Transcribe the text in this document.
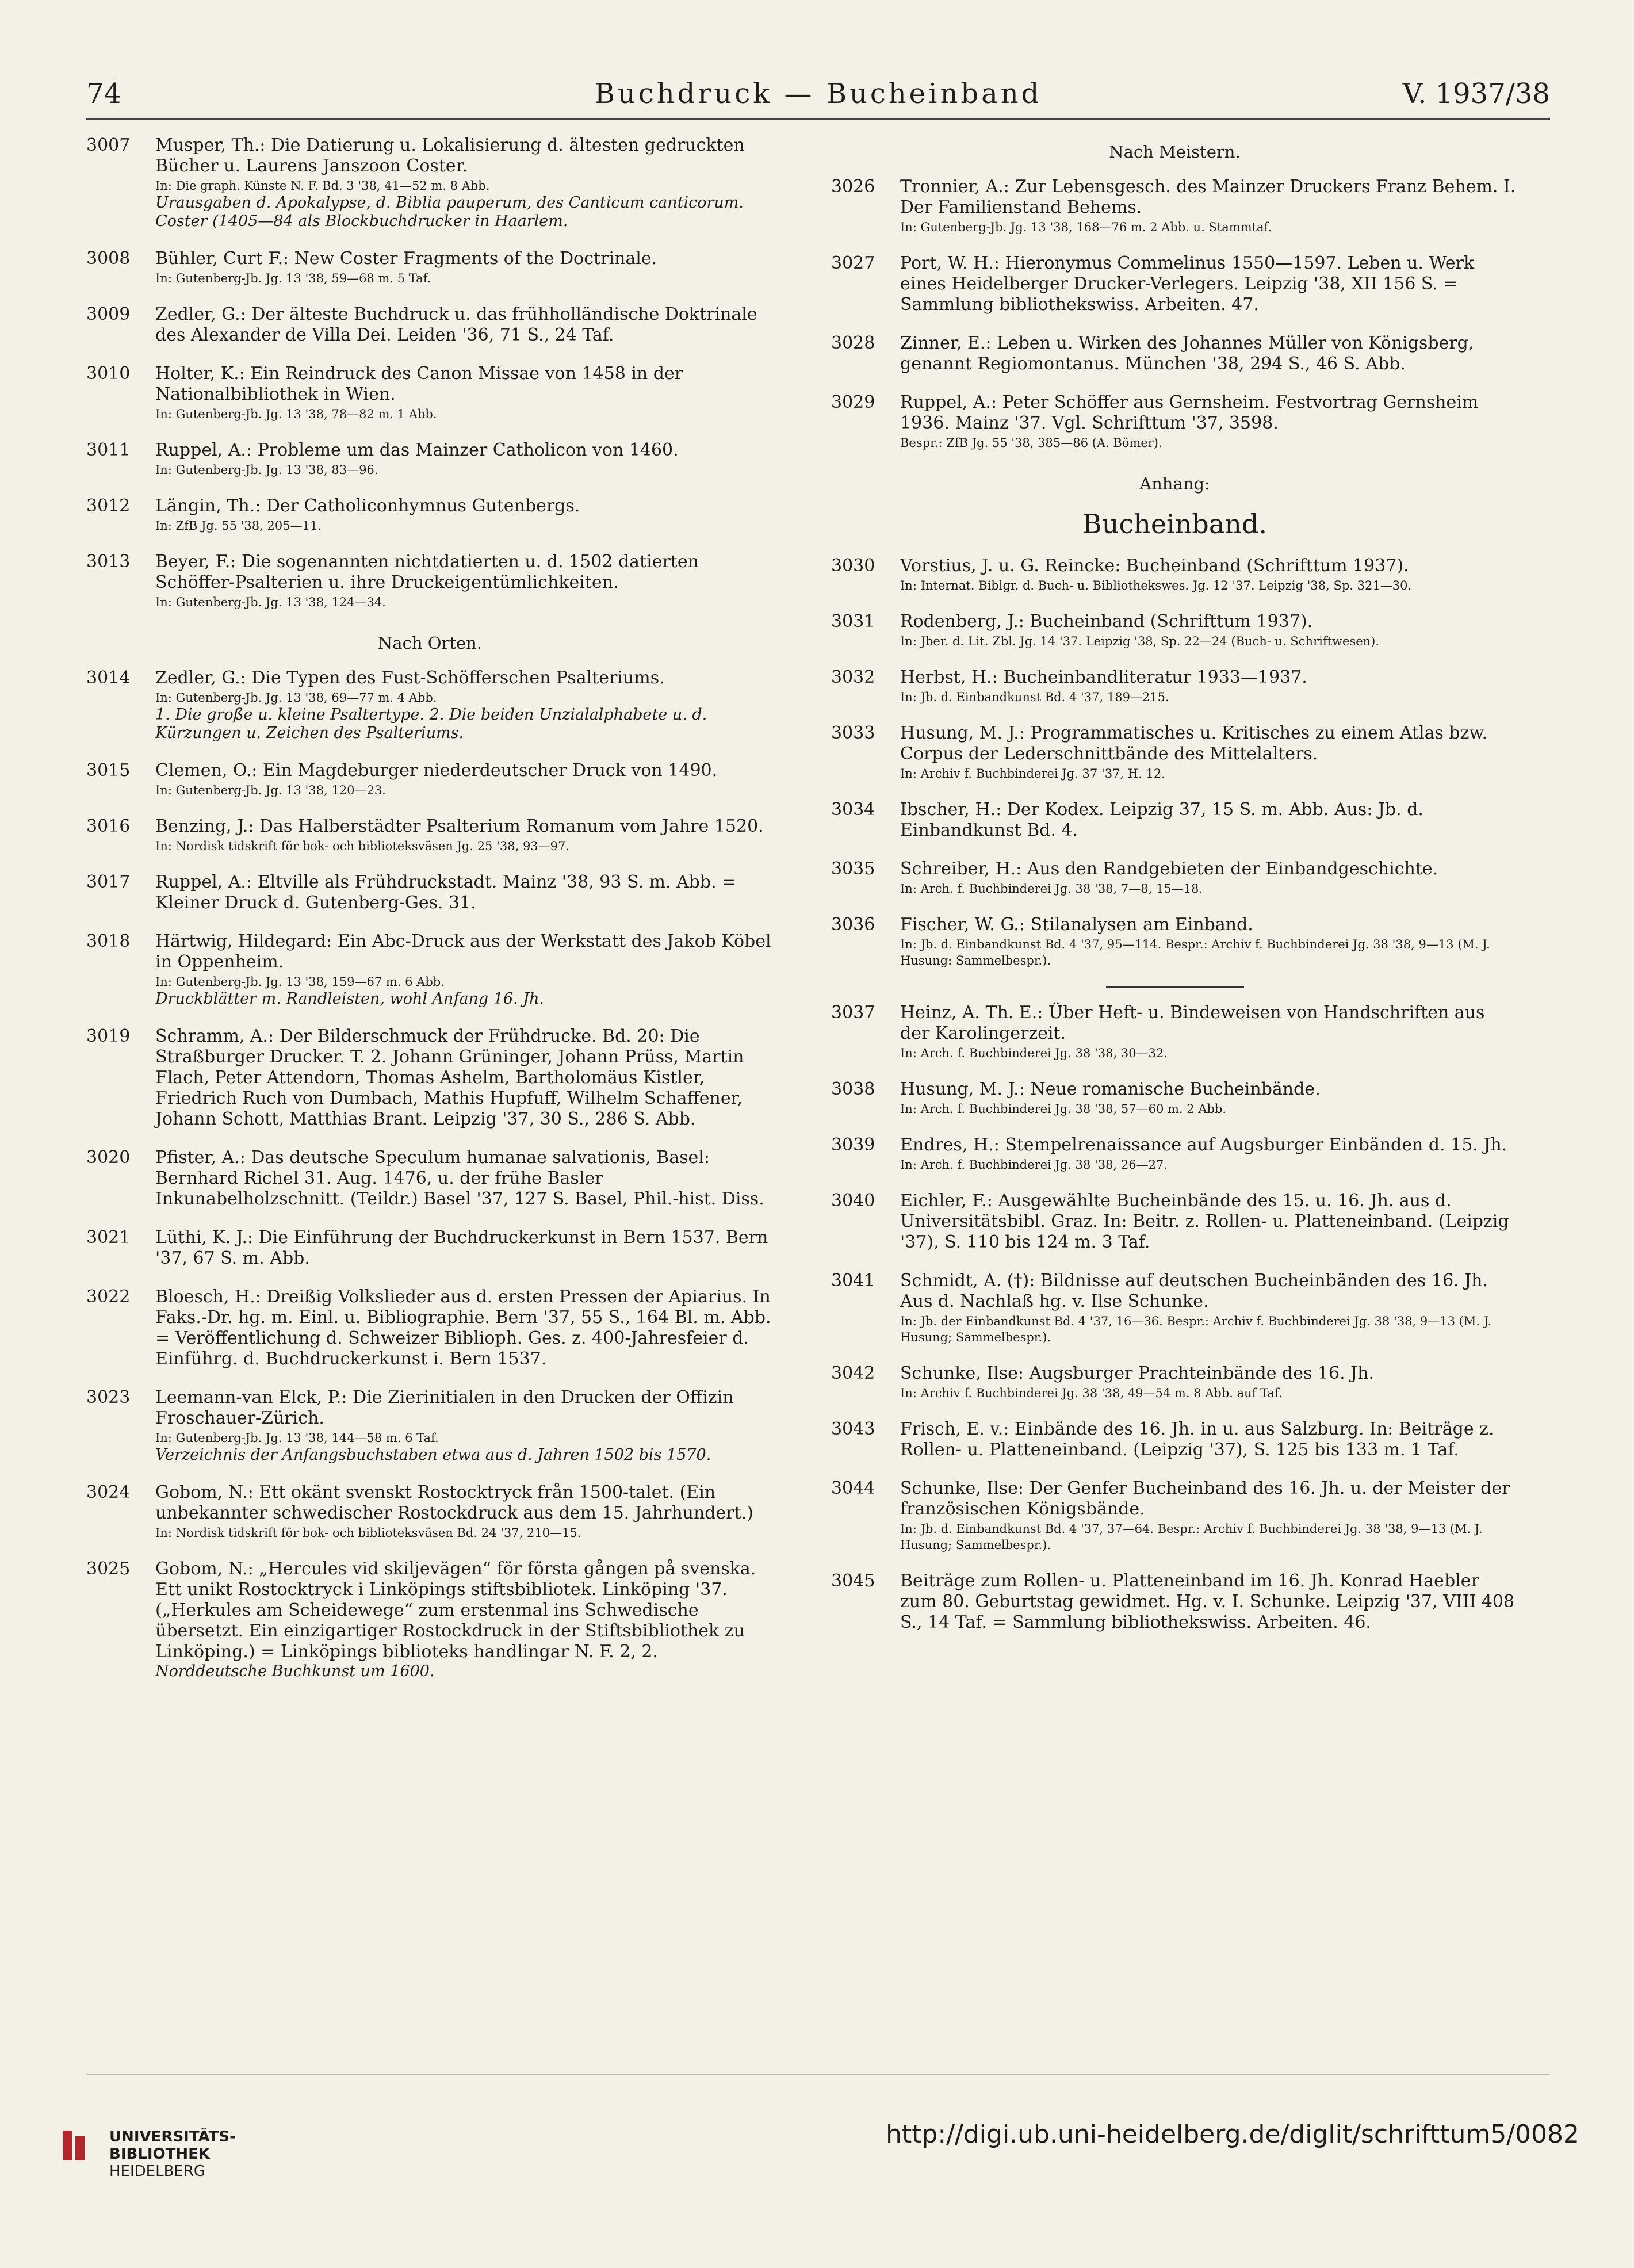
74	Buchdruck — Bucheinband	V. 1937/38
3007 Musper, Th.: Die Datierung u. Lokalisierung d. ältesten gedruckten Bücher u. Laurens Janszoon Coster.
In: Die graph. Künste N. F. Bd. 3 '38, 41—52 m. 8 Abb.
Urausgaben d. Apokalypse, d. Biblia pauperum, des Canticum canticorum. Coster (1405—84 als Blockbuchdrucker in Haarlem.
3008 Bühler, Curt F.: New Coster Fragments of the Doctrinale.
In: Gutenberg-Jb. Jg. 13 '38, 59—68 m. 5 Taf.
3009 Zedler, G.: Der älteste Buchdruck u. das frühholländische Doktrinale des Alexander de Villa Dei. Leiden '36, 71 S., 24 Taf.
3010 Holter, K.: Ein Reindruck des Canon Missae von 1458 in der Nationalbibliothek in Wien.
In: Gutenberg-Jb. Jg. 13 '38, 78—82 m. 1 Abb.
3011 Ruppel, A.: Probleme um das Mainzer Catholicon von 1460.
In: Gutenberg-Jb. Jg. 13 '38, 83—96.
3012 Längin, Th.: Der Catholiconhymnus Gutenbergs.
In: ZfB Jg. 55 '38, 205—11.
3013 Beyer, F.: Die sogenannten nichtdatierten u. d. 1502 datierten Schöffer-Psalterien u. ihre Druckeigentümlichkeiten.
In: Gutenberg-Jb. Jg. 13 '38, 124—34.
Nach Orten.
3014 Zedler, G.: Die Typen des Fust-Schöfferschen Psalteriums.
In: Gutenberg-Jb. Jg. 13 '38, 69—77 m. 4 Abb.
1. Die große u. kleine Psaltertype. 2. Die beiden Unzialalphabete u. d. Kürzungen u. Zeichen des Psalteriums.
3015 Clemen, O.: Ein Magdeburger niederdeutscher Druck von 1490.
In: Gutenberg-Jb. Jg. 13 '38, 120—23.
3016 Benzing, J.: Das Halberstädter Psalterium Romanum vom Jahre 1520.
In: Nordisk tidskrift för bok- och biblioteksväsen Jg. 25 '38, 93—97.
3017 Ruppel, A.: Eltville als Frühdruckstadt. Mainz '38, 93 S. m. Abb. = Kleiner Druck d. Gutenberg-Ges. 31.
3018 Härtwig, Hildegard: Ein Abc-Druck aus der Werkstatt des Jakob Köbel in Oppenheim.
In: Gutenberg-Jb. Jg. 13 '38, 159—67 m. 6 Abb.
Druckblätter m. Randleisten, wohl Anfang 16. Jh.
3019 Schramm, A.: Der Bilderschmuck der Frühdrucke. Bd. 20: Die Straßburger Drucker. T. 2. Johann Grüninger, Johann Prüss, Martin Flach, Peter Attendorn, Thomas Ashelm, Bartholomäus Kistler, Friedrich Ruch von Dumbach, Mathis Hupfuff, Wilhelm Schaffener, Johann Schott, Matthias Brant. Leipzig '37, 30 S., 286 S. Abb.
3020 Pfister, A.: Das deutsche Speculum humanae salvationis, Basel: Bernhard Richel 31. Aug. 1476, u. der frühe Basler Inkunabelholzschnitt. (Teildr.) Basel '37, 127 S. Basel, Phil.-hist. Diss.
3021 Lüthi, K. J.: Die Einführung der Buchdruckerkunst in Bern 1537. Bern '37, 67 S. m. Abb.
3022 Bloesch, H.: Dreißig Volkslieder aus d. ersten Pressen der Apiarius. In Faks.-Dr. hg. m. Einl. u. Bibliographie. Bern '37, 55 S., 164 Bl. m. Abb. = Veröffentlichung d. Schweizer Biblioph. Ges. z. 400-Jahresfeier d. Einführg. d. Buchdruckerkunst i. Bern 1537.
3023 Leemann-van Elck, P.: Die Zierinitialen in den Drucken der Offizin Froschauer-Zürich.
In: Gutenberg-Jb. Jg. 13 '38, 144—58 m. 6 Taf.
Verzeichnis der Anfangsbuchstaben etwa aus d. Jahren 1502 bis 1570.
3024 Gobom, N.: Ett okänt svenskt Rostocktryck från 1500-talet. (Ein unbekannter schwedischer Rostockdruck aus dem 15. Jahrhundert.)
In: Nordisk tidskrift för bok- och biblioteksväsen Bd. 24 '37, 210—15.
3025 Gobom, N.: „Hercules vid skiljevägen“ för första gången på svenska. Ett unikt Rostocktryck i Linköpings stiftsbibliotek. Linköping '37. („Herkules am Scheidewege“ zum erstenmal ins Schwedische übersetzt. Ein einzigartiger Rostockdruck in der Stiftsbibliothek zu Linköping.) = Linköpings biblioteks handlingar N. F. 2, 2.
Norddeutsche Buchkunst um 1600.
Nach Meistern.
3026 Tronnier, A.: Zur Lebensgesch. des Mainzer Druckers Franz Behem. I. Der Familienstand Behems.
In: Gutenberg-Jb. Jg. 13 '38, 168—76 m. 2 Abb. u. Stammtaf.
3027 Port, W. H.: Hieronymus Commelinus 1550—1597. Leben u. Werk eines Heidelberger Drucker-Verlegers. Leipzig '38, XII 156 S. = Sammlung bibliothekswiss. Arbeiten. 47.
3028 Zinner, E.: Leben u. Wirken des Johannes Müller von Königsberg, genannt Regiomontanus. München '38, 294 S., 46 S. Abb.
3029 Ruppel, A.: Peter Schöffer aus Gernsheim. Festvortrag Gernsheim 1936. Mainz '37. Vgl. Schrifttum '37, 3598.
Bespr.: ZfB Jg. 55 '38, 385—86 (A. Bömer).
Anhang:
Bucheinband.
3030 Vorstius, J. u. G. Reincke: Bucheinband (Schrifttum 1937).
In: Internat. Biblgr. d. Buch- u. Bibliothekswes. Jg. 12 '37. Leipzig '38, Sp. 321—30.
3031 Rodenberg, J.: Bucheinband (Schrifttum 1937).
In: Jber. d. Lit. Zbl. Jg. 14 '37. Leipzig '38, Sp. 22—24 (Buch- u. Schriftwesen).
3032 Herbst, H.: Bucheinbandliteratur 1933—1937.
In: Jb. d. Einbandkunst Bd. 4 '37, 189—215.
3033 Husung, M. J.: Programmatisches u. Kritisches zu einem Atlas bzw. Corpus der Lederschnittbände des Mittelalters.
In: Archiv f. Buchbinderei Jg. 37 '37, H. 12.
3034 Ibscher, H.: Der Kodex. Leipzig 37, 15 S. m. Abb. Aus: Jb. d. Einbandkunst Bd. 4.
3035 Schreiber, H.: Aus den Randgebieten der Einbandgeschichte.
In: Arch. f. Buchbinderei Jg. 38 '38, 7—8, 15—18.
3036 Fischer, W. G.: Stilanalysen am Einband.
In: Jb. d. Einbandkunst Bd. 4 '37, 95—114. Bespr.: Archiv f. Buchbinderei Jg. 38 '38, 9—13 (M. J. Husung: Sammelbespr.).
3037 Heinz, A. Th. E.: Über Heft- u. Bindeweisen von Handschriften aus der Karolingerzeit.
In: Arch. f. Buchbinderei Jg. 38 '38, 30—32.
3038 Husung, M. J.: Neue romanische Bucheinbände.
In: Arch. f. Buchbinderei Jg. 38 '38, 57—60 m. 2 Abb.
3039 Endres, H.: Stempelrenaissance auf Augsburger Einbänden d. 15. Jh.
In: Arch. f. Buchbinderei Jg. 38 '38, 26—27.
3040 Eichler, F.: Ausgewählte Bucheinbände des 15. u. 16. Jh. aus d. Universitätsbibl. Graz. In: Beitr. z. Rollen- u. Platteneinband. (Leipzig '37), S. 110 bis 124 m. 3 Taf.
3041 Schmidt, A. (†): Bildnisse auf deutschen Bucheinbänden des 16. Jh. Aus d. Nachlaß hg. v. Ilse Schunke.
In: Jb. der Einbandkunst Bd. 4 '37, 16—36. Bespr.: Archiv f. Buchbinderei Jg. 38 '38, 9—13 (M. J. Husung; Sammelbespr.).
3042 Schunke, Ilse: Augsburger Prachteinbände des 16. Jh.
In: Archiv f. Buchbinderei Jg. 38 '38, 49—54 m. 8 Abb. auf Taf.
3043 Frisch, E. v.: Einbände des 16. Jh. in u. aus Salzburg. In: Beiträge z. Rollen- u. Platteneinband. (Leipzig '37), S. 125 bis 133 m. 1 Taf.
3044 Schunke, Ilse: Der Genfer Bucheinband des 16. Jh. u. der Meister der französischen Königsbände.
In: Jb. d. Einbandkunst Bd. 4 '37, 37—64. Bespr.: Archiv f. Buchbinderei Jg. 38 '38, 9—13 (M. J. Husung; Sammelbespr.).
3045 Beiträge zum Rollen- u. Platteneinband im 16. Jh. Konrad Haebler zum 80. Geburtstag gewidmet. Hg. v. I. Schunke. Leipzig '37, VIII 408 S., 14 Taf. = Sammlung bibliothekswiss. Arbeiten. 46.
UNIVERSITÄTS-
BIBLIOTHEK
HEIDELBERG
http://digi.ub.uni-heidelberg.de/diglit/schrifttum5/0082
